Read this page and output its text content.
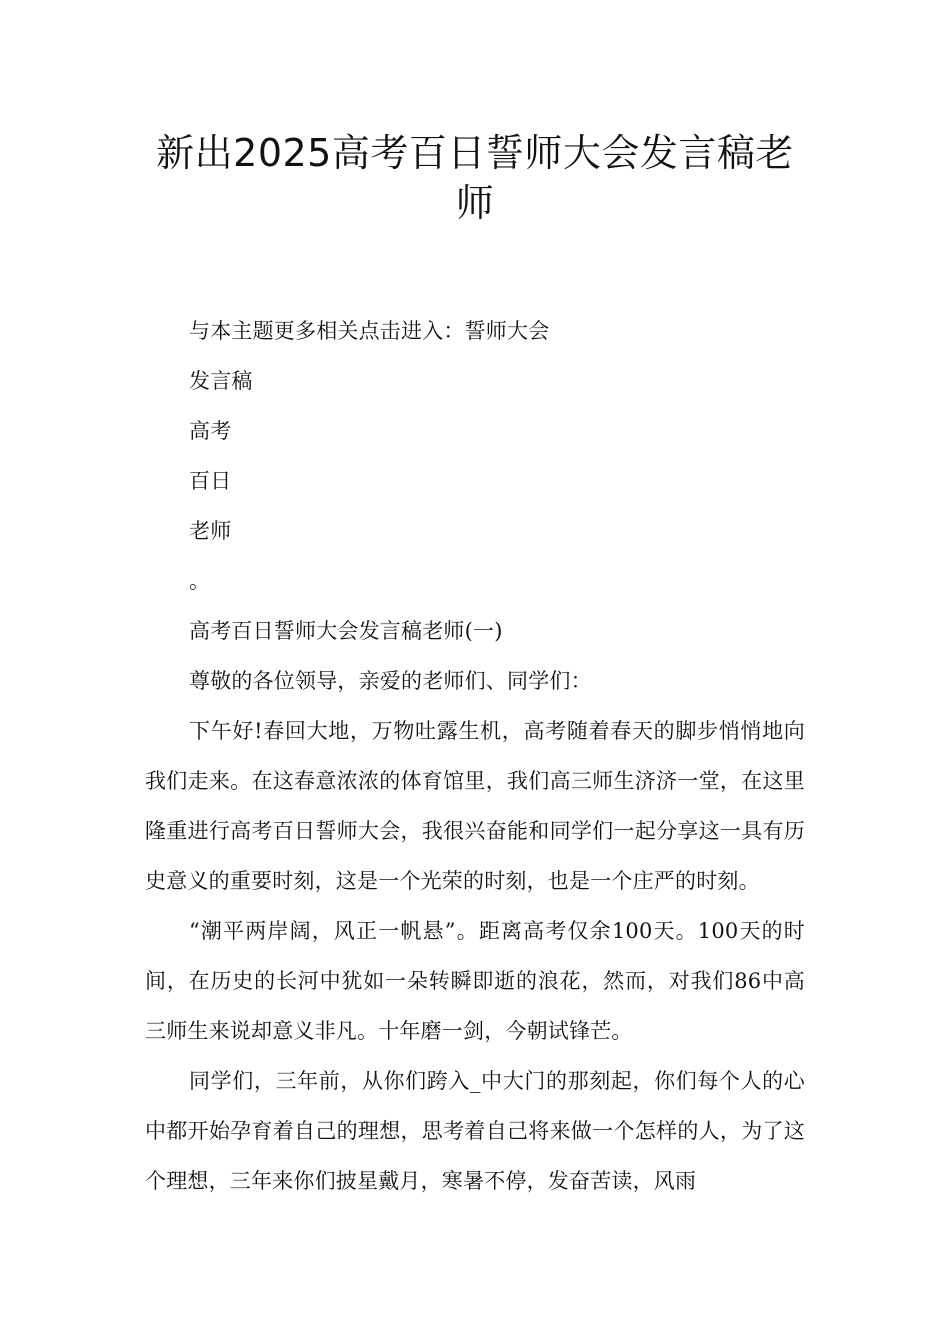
新出2025高考百日誓师大会发言稿老
师

与本主题更多相关点击进入：誓师大会

发言稿

高考

百日

老师

。

高考百日誓师大会发言稿老师(一)

尊敬的各位领导，亲爱的老师们、同学们：

下午好!春回大地，万物吐露生机，高考随着春天的脚步悄悄地向我们走来。在这春意浓浓的体育馆里，我们高三师生济济一堂，在这里隆重进行高考百日誓师大会，我很兴奋能和同学们一起分享这一具有历史意义的重要时刻，这是一个光荣的时刻，也是一个庄严的时刻。

“潮平两岸阔，风正一帆悬”。距离高考仅余100天。100天的时间，在历史的长河中犹如一朵转瞬即逝的浪花，然而，对我们86中高三师生来说却意义非凡。十年磨一剑，今朝试锋芒。

同学们，三年前，从你们跨入_中大门的那刻起，你们每个人的心中都开始孕育着自己的理想，思考着自己将来做一个怎样的人，为了这个理想，三年来你们披星戴月，寒暑不停，发奋苦读，风雨
